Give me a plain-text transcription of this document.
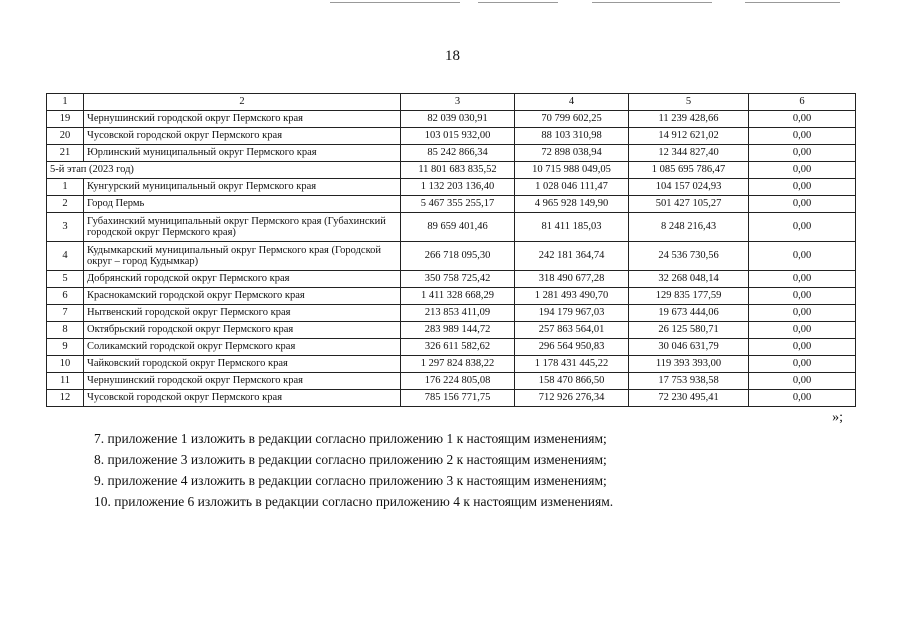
18
1	2	3	4	5	6
19	Чернушинский городской округ Пермского края	82 039 030,91	70 799 602,25	11 239 428,66	0,00
20	Чусовской городской округ Пермского края	103 015 932,00	88 103 310,98	14 912 621,02	0,00
21	Юрлинский муниципальный округ Пермского края	85 242 866,34	72 898 038,94	12 344 827,40	0,00
5-й этап (2023 год)		11 801 683 835,52	10 715 988 049,05	1 085 695 786,47	0,00
1	Кунгурский муниципальный округ Пермского края	1 132 203 136,40	1 028 046 111,47	104 157 024,93	0,00
2	Город Пермь	5 467 355 255,17	4 965 928 149,90	501 427 105,27	0,00
3	Губахинский муниципальный округ Пермского края (Губахинский городской округ Пермского края)	89 659 401,46	81 411 185,03	8 248 216,43	0,00
4	Кудымкарский муниципальный округ Пермского края (Городской округ – город Кудымкар)	266 718 095,30	242 181 364,74	24 536 730,56	0,00
5	Добрянский городской округ Пермского края	350 758 725,42	318 490 677,28	32 268 048,14	0,00
6	Краснокамский городской округ Пермского края	1 411 328 668,29	1 281 493 490,70	129 835 177,59	0,00
7	Нытвенский городской округ Пермского края	213 853 411,09	194 179 967,03	19 673 444,06	0,00
8	Октябрьский городской округ Пермского края	283 989 144,72	257 863 564,01	26 125 580,71	0,00
9	Соликамский городской округ Пермского края	326 611 582,62	296 564 950,83	30 046 631,79	0,00
10	Чайковский городской округ Пермского края	1 297 824 838,22	1 178 431 445,22	119 393 393,00	0,00
11	Чернушинский городской округ Пермского края	176 224 805,08	158 470 866,50	17 753 938,58	0,00
12	Чусовской городской округ Пермского края	785 156 771,75	712 926 276,34	72 230 495,41	0,00
»;

7. приложение 1 изложить в редакции согласно приложению 1 к настоящим изменениям;

8. приложение 3 изложить в редакции согласно приложению 2 к настоящим изменениям;

9. приложение 4 изложить в редакции согласно приложению 3 к настоящим изменениям;

10. приложение 6 изложить в редакции согласно приложению 4 к настоящим изменениям.
